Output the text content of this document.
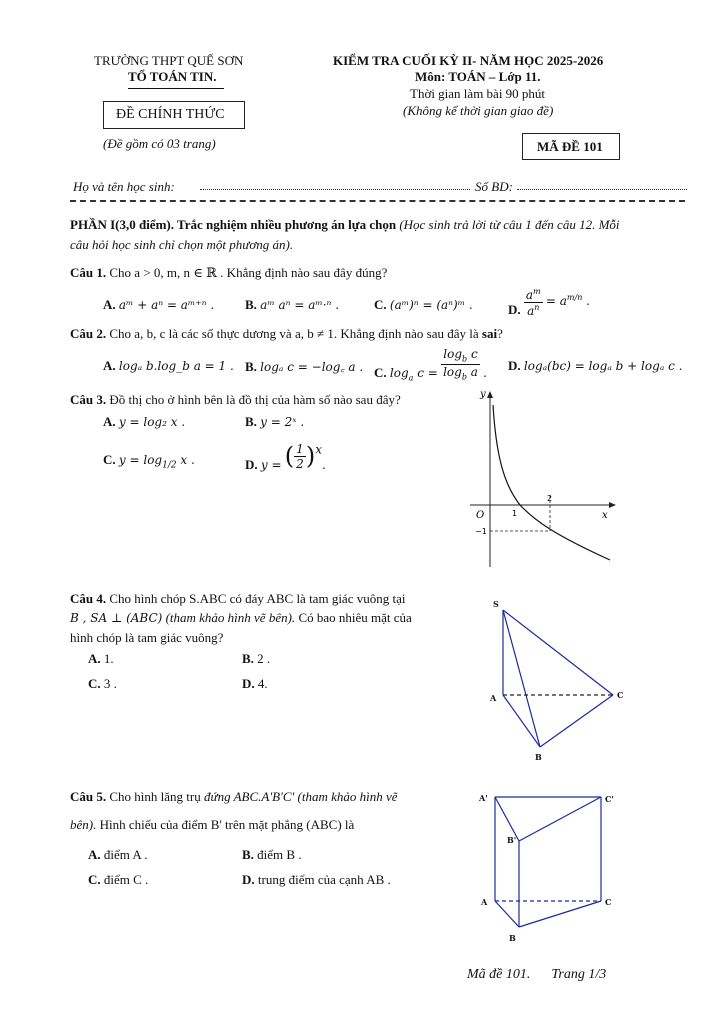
TRƯỜNG THPT QUẾ SƠN
TỔ TOÁN TIN.
ĐỀ CHÍNH THỨC
(Đề gồm có 03 trang)
KIỂM TRA CUỐI KỲ II- NĂM HỌC 2025-2026
Môn: TOÁN – Lớp 11.
Thời gian làm bài 90 phút
(Không kể thời gian giao đề)
MÃ ĐỀ 101
Họ và tên học sinh:	Số BD:
PHẦN I(3,0 điểm). Trắc nghiệm nhiều phương án lựa chọn (Học sinh trả lời từ câu 1 đến câu 12. Mỗi
câu hỏi học sinh chỉ chọn một phương án).
Câu 1. Cho a > 0, m, n ∈ ℝ . Khẳng định nào sau đây đúng?
A. aᵐ + aⁿ = aᵐ⁺ⁿ . B. aᵐ aⁿ = aᵐ·ⁿ .	C. (aᵐ)ⁿ = (aⁿ)ᵐ .	D. $\frac{a^m}{a^n} = a^{m/n}$ .
Câu 2. Cho a, b, c là các số thực dương và a, b ≠ 1. Khẳng định nào sau đây là sai?
A. logₐ b.log_b a = 1 . B. logₐ c = −log꜀ a . C. $\log_a c = \frac{\log_b c}{\log_b a}$ . D. logₐ(bc) = logₐ b + logₐ c .
Câu 3. Đồ thị cho ở hình bên là đồ thị của hàm số nào sau đây?
A. y = log₂ x .	B. y = 2ˣ .
C. $y = \log_{1/2} x$ .	D. y = ( $\frac{1}{2} )^x$.
y
x
O	1
2
−1
Câu 4. Cho hình chóp S.ABC có đáy ABC là tam giác vuông tại
B , SA ⊥ (ABC) (tham khảo hình vẽ bên). Có bao nhiêu mặt của
hình chóp là tam giác vuông?
A. 1.	B. 2 .
C. 3 .	D. 4.
S
A
B
C
Câu 5. Cho hình lăng trụ đứng ABC.A'B'C' (tham khảo hình vẽ
bên). Hình chiếu của điểm B' trên mặt phẳng (ABC) là
A. điểm A .	B. điểm B .
C. điểm C .	D. trung điểm của cạnh AB .
A'	C'
B'
A	C
B
Mã đề 101. Trang 1/3
